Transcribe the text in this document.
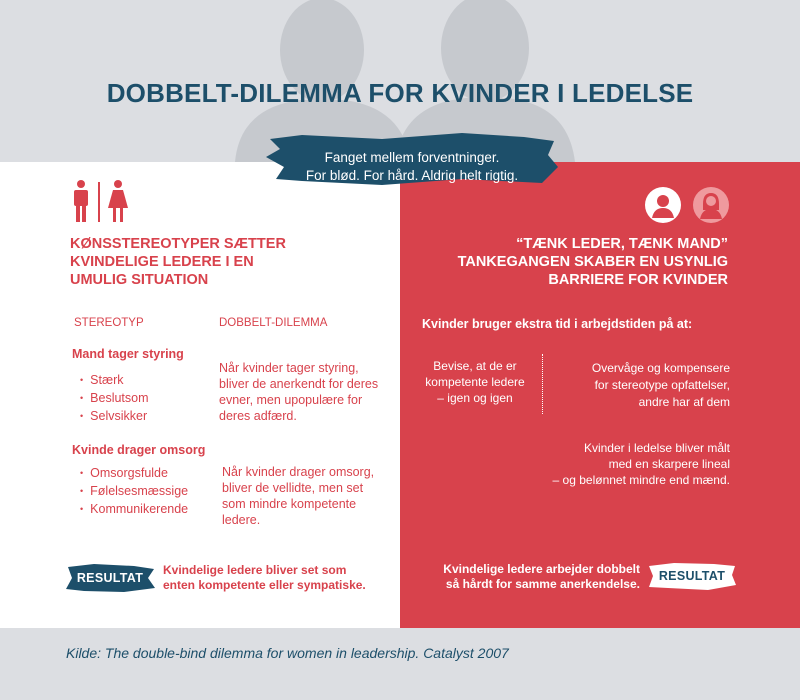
DOBBELT-DILEMMA FOR KVINDER I LEDELSE
Fanget mellem forventninger.
For blød. For hård. Aldrig helt rigtig.
KØNSSTEREOTYPER SÆTTER
KVINDELIGE LEDERE I EN
UMULIG SITUATION
STEREOTYP	DOBBELT-DILEMMA
Mand tager styring
• Stærk
• Beslutsom
• Selvsikker
Når kvinder tager styring, bliver de anerkendt for deres evner, men upopulære for deres adfærd.
Kvinde drager omsorg
• Omsorgsfulde
• Følelsesmæssige
• Kommunikerende
Når kvinder drager omsorg, bliver de vellidte, men set som mindre kompetente ledere.
RESULTAT
Kvindelige ledere bliver set som
enten kompetente eller sympatiske.
“TÆNK LEDER, TÆNK MAND”
TANKEGANGEN SKABER EN USYNLIG
BARRIERE FOR KVINDER
Kvinder bruger ekstra tid i arbejdstiden på at:
Bevise, at de er
kompetente ledere
– igen og igen
Overvåge og kompensere
for stereotype opfattelser,
andre har af dem
Kvinder i ledelse bliver målt
med en skarpere lineal
– og belønnet mindre end mænd.
Kvindelige ledere arbejder dobbelt
så hårdt for samme anerkendelse.
RESULTAT
Kilde: The double-bind dilemma for women in leadership. Catalyst 2007
